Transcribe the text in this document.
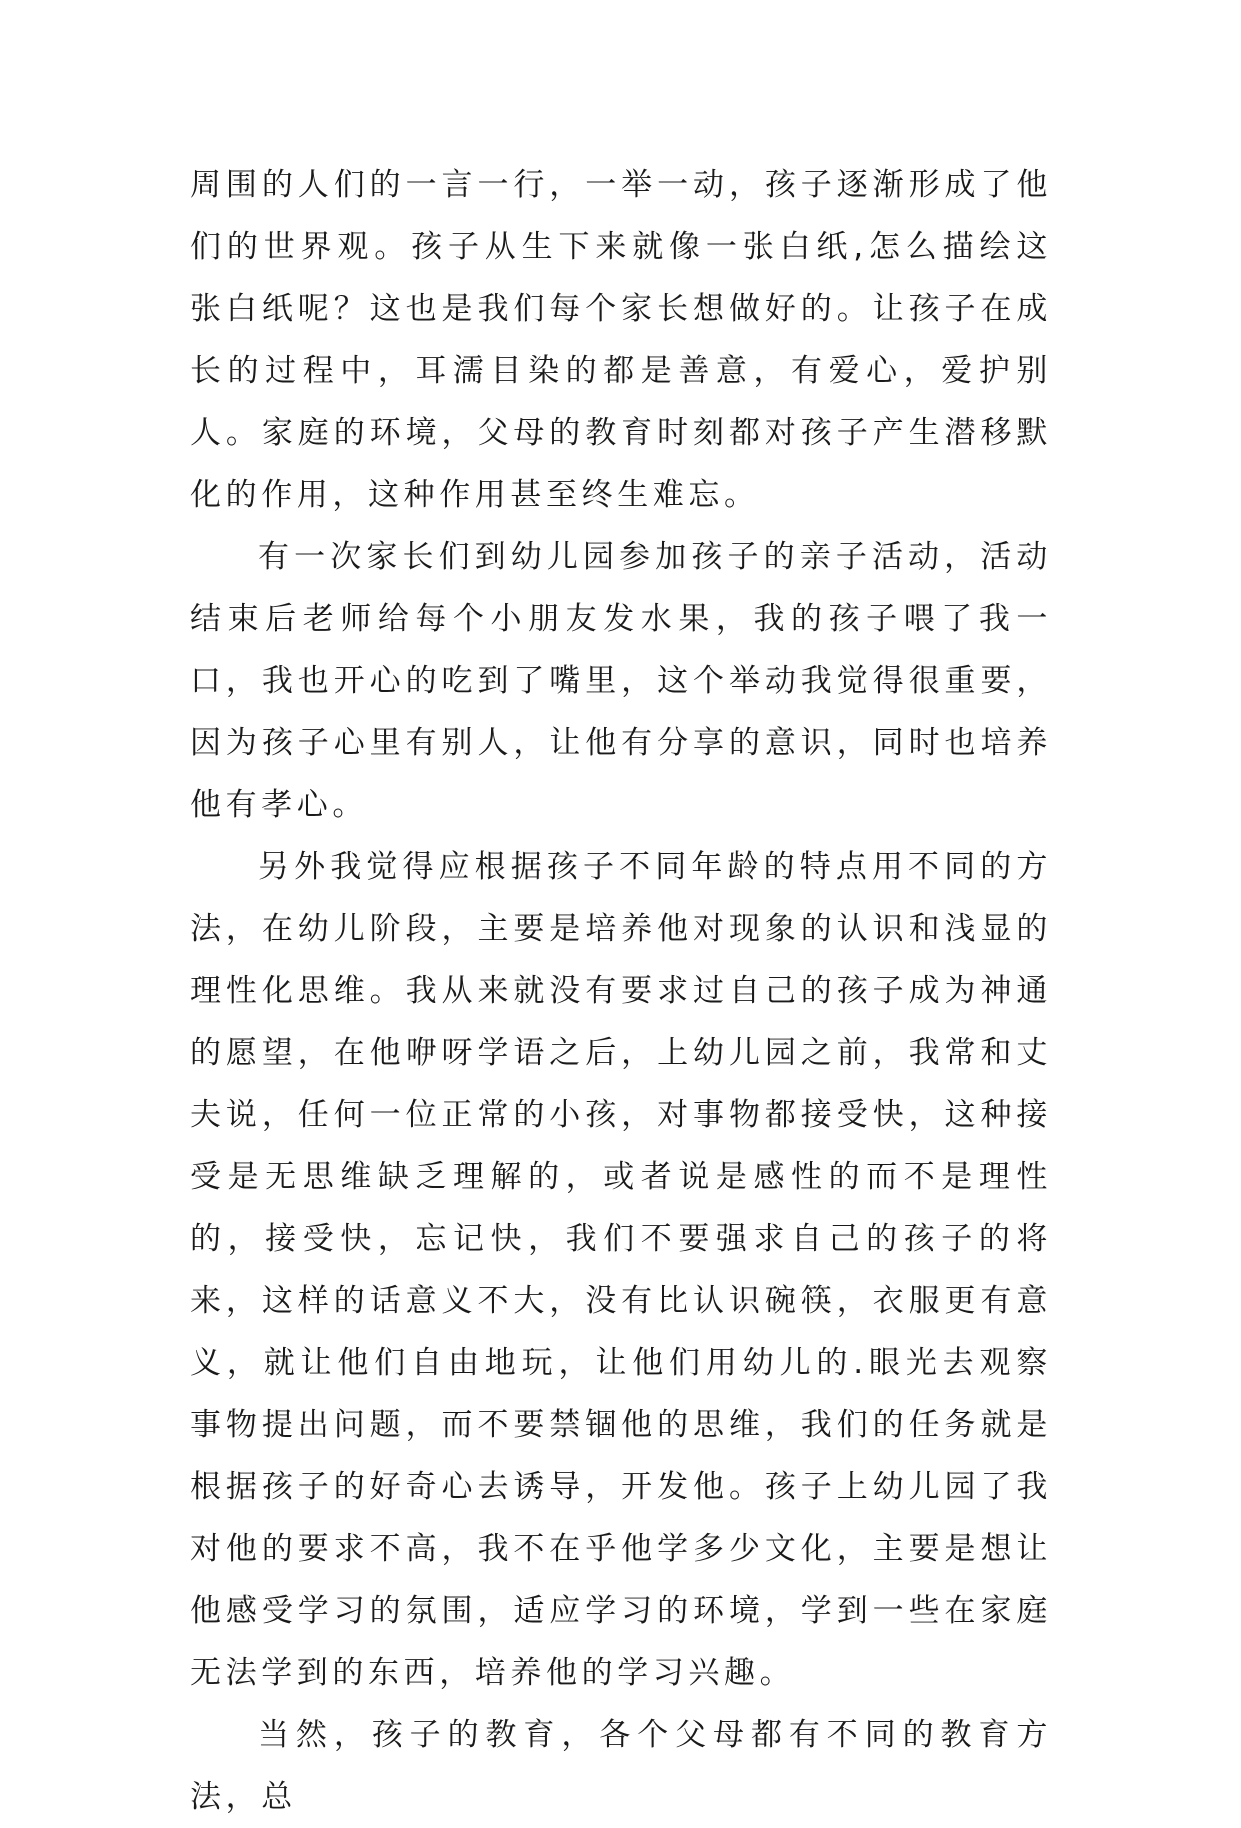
周围的人们的一言一行，一举一动，孩子逐渐形成了他们的世界观。孩子从生下来就像一张白纸,怎么描绘这张白纸呢？这也是我们每个家长想做好的。让孩子在成长的过程中，耳濡目染的都是善意，有爱心，爱护别人。家庭的环境，父母的教育时刻都对孩子产生潜移默化的作用，这种作用甚至终生难忘。

有一次家长们到幼儿园参加孩子的亲子活动，活动结束后老师给每个小朋友发水果，我的孩子喂了我一口，我也开心的吃到了嘴里，这个举动我觉得很重要，因为孩子心里有别人，让他有分享的意识，同时也培养他有孝心。

另外我觉得应根据孩子不同年龄的特点用不同的方法，在幼儿阶段，主要是培养他对现象的认识和浅显的理性化思维。我从来就没有要求过自己的孩子成为神通的愿望，在他咿呀学语之后，上幼儿园之前，我常和丈夫说，任何一位正常的小孩，对事物都接受快，这种接受是无思维缺乏理解的，或者说是感性的而不是理性的，接受快，忘记快，我们不要强求自己的孩子的将来，这样的话意义不大，没有比认识碗筷，衣服更有意义，就让他们自由地玩，让他们用幼儿的.眼光去观察事物提出问题，而不要禁锢他的思维，我们的任务就是根据孩子的好奇心去诱导，开发他。孩子上幼儿园了我对他的要求不高，我不在乎他学多少文化，主要是想让他感受学习的氛围，适应学习的环境，学到一些在家庭无法学到的东西，培养他的学习兴趣。

当然，孩子的教育，各个父母都有不同的教育方法，总
